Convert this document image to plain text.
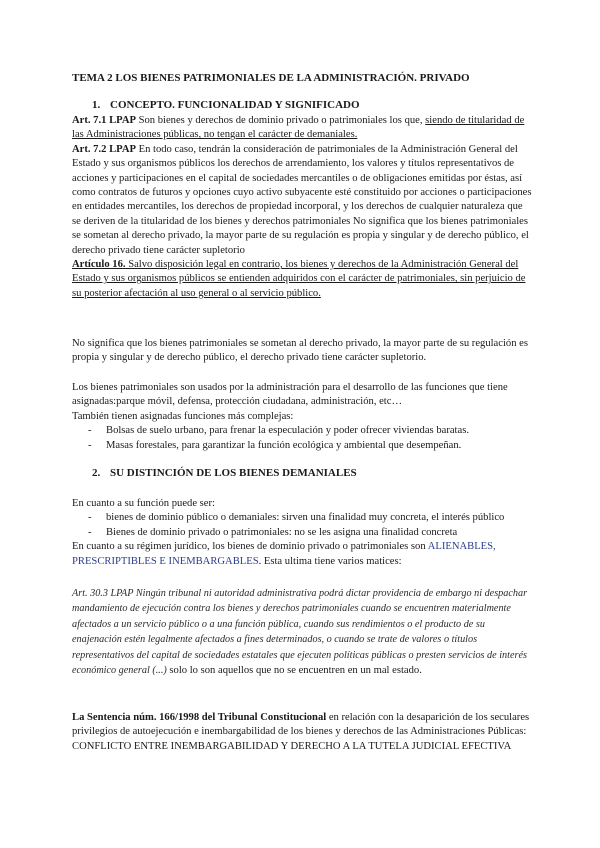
TEMA 2 LOS BIENES PATRIMONIALES DE LA ADMINISTRACIÓN. PRIVADO
1. CONCEPTO. FUNCIONALIDAD Y SIGNIFICADO

Art. 7.1 LPAP Son bienes y derechos de dominio privado o patrimoniales los que, siendo de titularidad de las Administraciones públicas, no tengan el carácter de demaniales.

Art. 7.2 LPAP En todo caso, tendrán la consideración de patrimoniales de la Administración General del Estado y sus organismos públicos los derechos de arrendamiento, los valores y títulos representativos de acciones y participaciones en el capital de sociedades mercantiles o de obligaciones emitidas por éstas, así como contratos de futuros y opciones cuyo activo subyacente esté constituido por acciones o participaciones en entidades mercantiles, los derechos de propiedad incorporal, y los derechos de cualquier naturaleza que se deriven de la titularidad de los bienes y derechos patrimoniales No significa que los bienes patrimoniales se sometan al derecho privado, la mayor parte de su regulación es propia y singular y de derecho público, el derecho privado tiene carácter supletorio

Artículo 16. Salvo disposición legal en contrario, los bienes y derechos de la Administración General del Estado y sus organismos públicos se entienden adquiridos con el carácter de patrimoniales, sin perjuicio de su posterior afectación al uso general o al servicio público.

No significa que los bienes patrimoniales se sometan al derecho privado, la mayor parte de su regulación es propia y singular y de derecho público, el derecho privado tiene carácter supletorio.

Los bienes patrimoniales son usados por la administración para el desarrollo de las funciones que tiene asignadas:parque móvil, defensa, protección ciudadana, administración, etc…

También tienen asignadas funciones más complejas:

- Bolsas de suelo urbano, para frenar la especulación y poder ofrecer viviendas baratas.
- Masas forestales, para garantizar la función ecológica y ambiental que desempeñan.
2. SU DISTINCIÓN DE LOS BIENES DEMANIALES

En cuanto a su función puede ser:

- bienes de dominio público o demaniales: sirven una finalidad muy concreta, el interés público
- Bienes de dominio privado o patrimoniales: no se les asigna una finalidad concreta

En cuanto a su régimen jurídico, los bienes de dominio privado o patrimoniales son ALIENABLES, PRESCRIPTIBLES E INEMBARGABLES. Esta ultima tiene varios matices:

Art. 30.3 LPAP Ningún tribunal ni autoridad administrativa podrá dictar providencia de embargo ni despachar mandamiento de ejecución contra los bienes y derechos patrimoniales cuando se encuentren materialmente afectados a un servicio público o a una función pública, cuando sus rendimientos o el producto de su enajenación estén legalmente afectados a fines determinados, o cuando se trate de valores o títulos representativos del capital de sociedades estatales que ejecuten políticas públicas o presten servicios de interés económico general (...) solo lo son aquellos que no se encuentren en un mal estado.
La Sentencia núm. 166/1998 del Tribunal Constitucional en relación con la desaparición de los seculares privilegios de autoejecución e inembargabilidad de los bienes y derechos de las Administraciones Públicas: CONFLICTO ENTRE INEMBARGABILIDAD Y DERECHO A LA TUTELA JUDICIAL EFECTIVA
